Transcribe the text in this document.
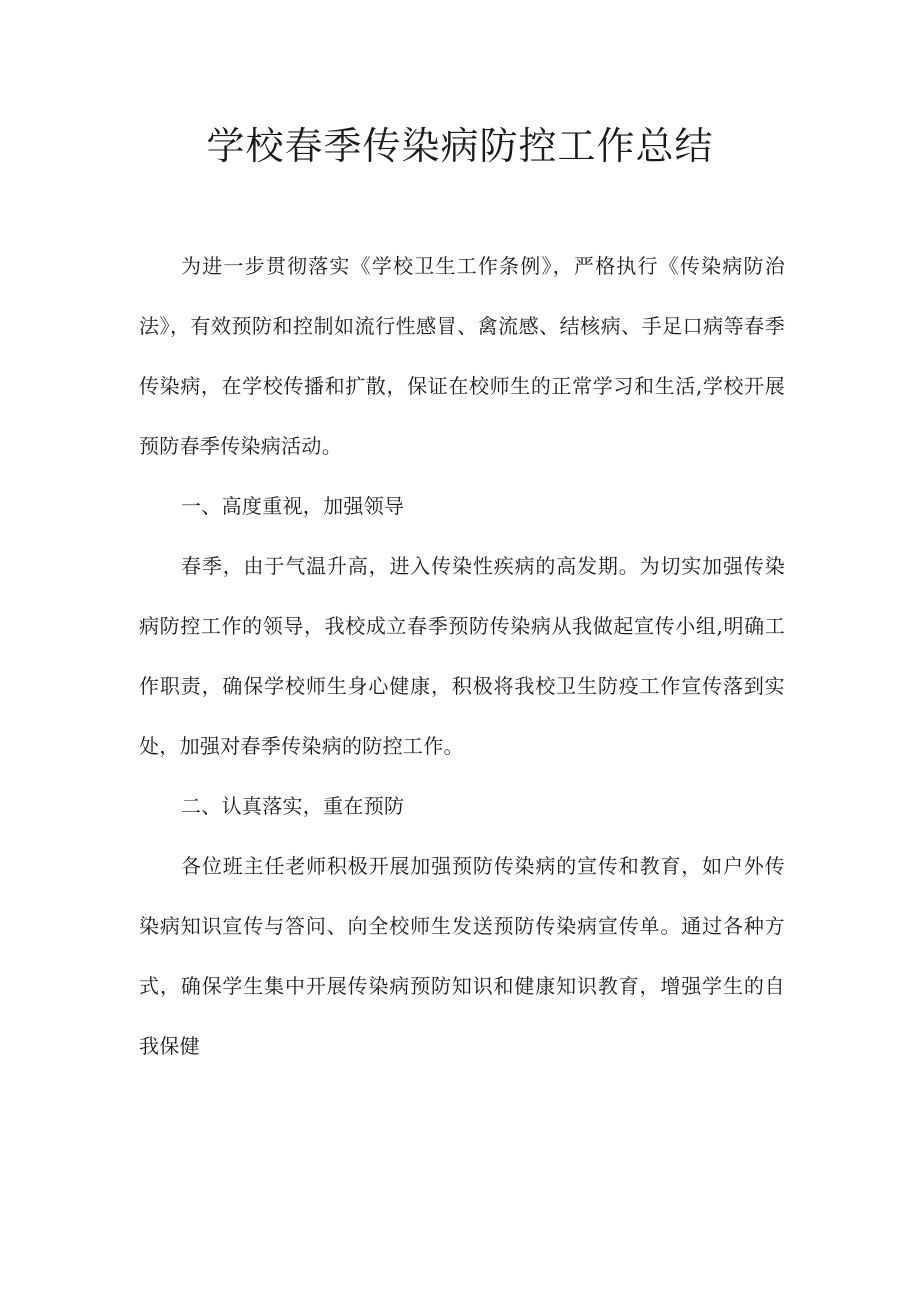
学校春季传染病防控工作总结

为进一步贯彻落实《学校卫生工作条例》，严格执行《传染病防治法》，有效预防和控制如流行性感冒、禽流感、结核病、手足口病等春季传染病，在学校传播和扩散，保证在校师生的正常学习和生活,学校开展预防春季传染病活动。

一、高度重视，加强领导

春季，由于气温升高，进入传染性疾病的高发期。为切实加强传染病防控工作的领导，我校成立春季预防传染病从我做起宣传小组,明确工作职责，确保学校师生身心健康，积极将我校卫生防疫工作宣传落到实处，加强对春季传染病的防控工作。

二、认真落实，重在预防

各位班主任老师积极开展加强预防传染病的宣传和教育，如户外传染病知识宣传与答问、向全校师生发送预防传染病宣传单。通过各种方式，确保学生集中开展传染病预防知识和健康知识教育，增强学生的自我保健
